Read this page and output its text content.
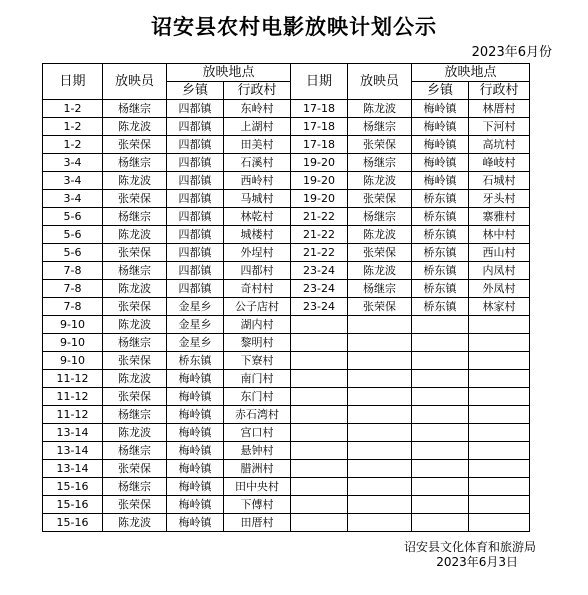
诏安县农村电影放映计划公示
2023年6月份
日期	放映员	放映地点		日期	放映员	放映地点	
		乡镇	行政村			乡镇	行政村
1-2	杨继宗	四都镇	东岭村	17-18	陈龙波	梅岭镇	林厝村
1-2	陈龙波	四都镇	上湖村	17-18	杨继宗	梅岭镇	下河村
1-2	张荣保	四都镇	田美村	17-18	张荣保	梅岭镇	高坑村
3-4	杨继宗	四都镇	石溪村	19-20	杨继宗	梅岭镇	峰岐村
3-4	陈龙波	四都镇	西岭村	19-20	陈龙波	梅岭镇	石城村
3-4	张荣保	四都镇	马城村	19-20	张荣保	桥东镇	牙头村
5-6	杨继宗	四都镇	林乾村	21-22	杨继宗	桥东镇	寨雅村
5-6	陈龙波	四都镇	城楼村	21-22	陈龙波	桥东镇	林中村
5-6	张荣保	四都镇	外埕村	21-22	张荣保	桥东镇	西山村
7-8	杨继宗	四都镇	四都村	23-24	陈龙波	桥东镇	内凤村
7-8	陈龙波	四都镇	奇村村	23-24	杨继宗	桥东镇	外凤村
7-8	张荣保	金星乡	公子店村	23-24	张荣保	桥东镇	林家村
9-10	陈龙波	金星乡	湖内村				
9-10	杨继宗	金星乡	黎明村				
9-10	张荣保	桥东镇	下寮村				
11-12	陈龙波	梅岭镇	南门村				
11-12	张荣保	梅岭镇	东门村				
11-12	杨继宗	梅岭镇	赤石湾村				
13-14	陈龙波	梅岭镇	宫口村				
13-14	杨继宗	梅岭镇	悬钟村				
13-14	张荣保	梅岭镇	腊洲村				
15-16	杨继宗	梅岭镇	田中央村				
15-16	张荣保	梅岭镇	下傅村				
15-16	陈龙波	梅岭镇	田厝村				
诏安县文化体育和旅游局
2023年6月3日
